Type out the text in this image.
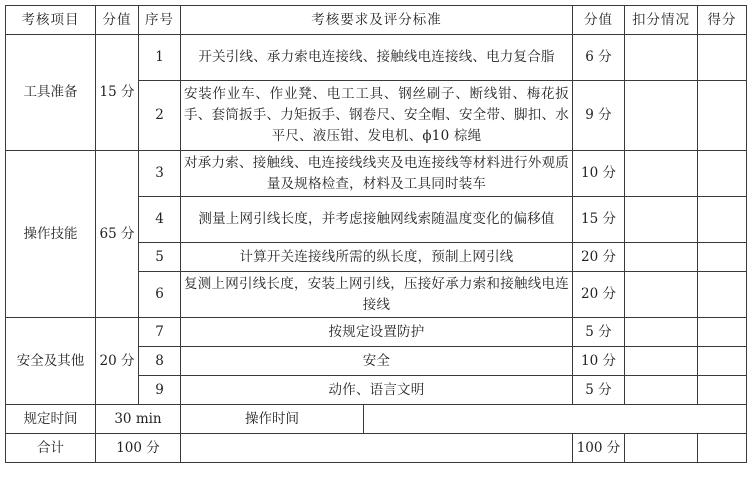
考核项目	分值	序号	考核要求及评分标准		分值	扣分情况	得分
工具准备	15 分	1	开关引线、承力索电连接线、接触线电连接线、电力复合脂		6 分		
		2	安装作业车、作业凳、电工工具、钢丝刷子、断线钳、梅花扳手、套筒扳手、力矩扳手、钢卷尺、安全帽、安全带、脚扣、水平尺、液压钳、发电机、ϕ10 棕绳		9 分		
操作技能	65 分	3	对承力索、接触线、电连接线线夹及电连接线等材料进行外观质量及规格检查，材料及工具同时装车		10 分		
		4	测量上网引线长度，并考虑接触网线索随温度变化的偏移值		15 分		
		5	计算开关连接线所需的纵长度，预制上网引线		20 分		
		6	复测上网引线长度，安装上网引线，压接好承力索和接触线电连接线		20 分		
安全及其他	20 分	7	按规定设置防护		5 分		
		8	安全		10 分		
		9	动作、语言文明		5 分		
规定时间	30 min		操作时间				
合计	100 分				100 分		
